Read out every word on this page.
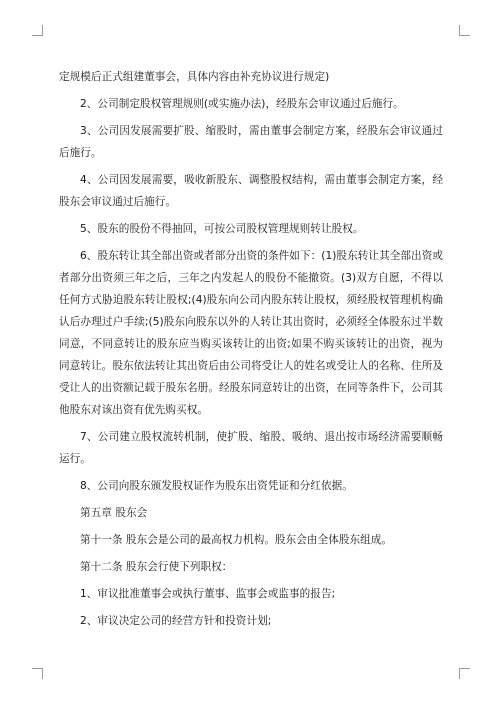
定规模后正式组建董事会，具体内容由补充协议进行规定)

2、公司制定股权管理规则(或实施办法)，经股东会审议通过后施行。

3、公司因发展需要扩股、缩股时，需由董事会制定方案，经股东会审议通过后施行。

4、公司因发展需要，吸收新股东、调整股权结构，需由董事会制定方案，经股东会审议通过后施行。

5、股东的股份不得抽回，可按公司股权管理规则转让股权。

6、股东转让其全部出资或者部分出资的条件如下：(1)股东转让其全部出资或者部分出资须三年之后，三年之内发起人的股份不能撤资。(3)双方自愿，不得以任何方式胁迫股东转让股权;(4)股东向公司内股东转让股权，须经股权管理机构确认后办理过户手续;(5)股东向股东以外的人转让其出资时，必须经全体股东过半数同意，不同意转让的股东应当购买该转让的出资;如果不购买该转让的出资，视为同意转让。股东依法转让其出资后由公司将受让人的姓名或受让人的名称、住所及受让人的出资额记载于股东名册。经股东同意转让的出资，在同等条件下，公司其他股东对该出资有优先购买权。

7、公司建立股权流转机制，使扩股、缩股、吸纳、退出按市场经济需要顺畅运行。

8、公司向股东颁发股权证作为股东出资凭证和分红依据。

第五章 股东会

第十一条 股东会是公司的最高权力机构。股东会由全体股东组成。

第十二条 股东会行使下列职权：

1、审议批准董事会或执行董事、监事会或监事的报告;

2、审议决定公司的经营方针和投资计划;
